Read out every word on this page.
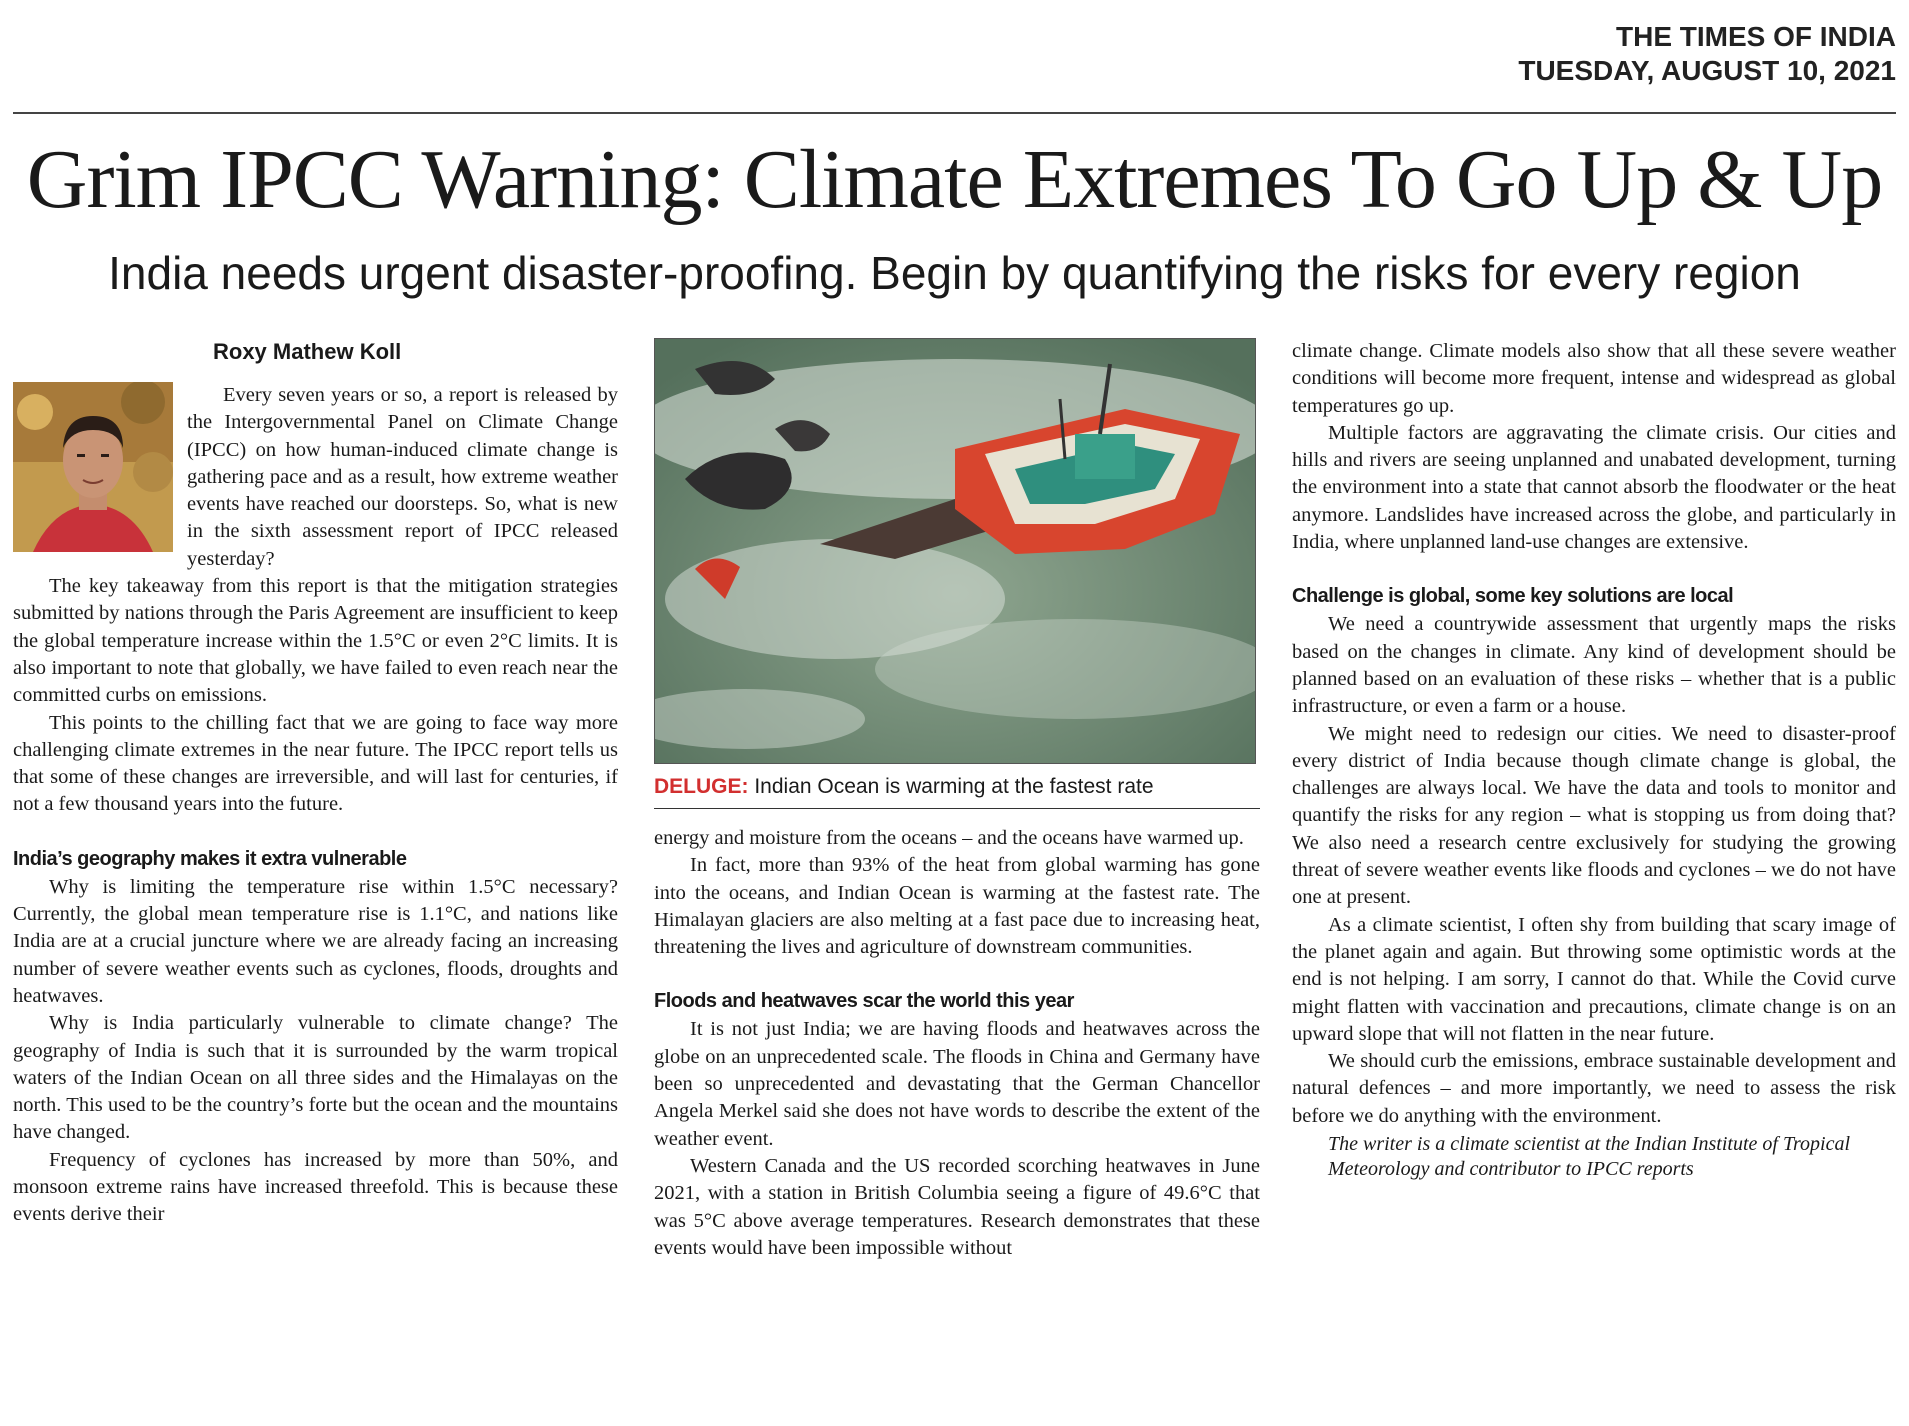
THE TIMES OF INDIA
TUESDAY, AUGUST 10, 2021
Grim IPCC Warning: Climate Extremes To Go Up & Up
India needs urgent disaster-proofing. Begin by quantifying the risks for every region
Roxy Mathew Koll

Every seven years or so, a report is released by the Intergovernmental Panel on Climate Change (IPCC) on how human-induced climate change is gathering pace and as a result, how extreme weather events have reached our doorsteps. So, what is new in the sixth assessment report of IPCC released yesterday?

The key takeaway from this report is that the mitigation strategies submitted by nations through the Paris Agreement are insufficient to keep the global temperature increase within the 1.5°C or even 2°C limits. It is also important to note that globally, we have failed to even reach near the committed curbs on emissions.

This points to the chilling fact that we are going to face way more challenging climate extremes in the near future. The IPCC report tells us that some of these changes are irreversible, and will last for centuries, if not a few thousand years into the future.

India’s geography makes it extra vulnerable

Why is limiting the temperature rise within 1.5°C necessary? Currently, the global mean temperature rise is 1.1°C, and nations like India are at a crucial juncture where we are already facing an increasing number of severe weather events such as cyclones, floods, droughts and heatwaves.

Why is India particularly vulnerable to climate change? The geography of India is such that it is surrounded by the warm tropical waters of the Indian Ocean on all three sides and the Himalayas on the north. This used to be the country’s forte but the ocean and the mountains have changed.

Frequency of cyclones has increased by more than 50%, and monsoon extreme rains have increased threefold. This is because these events derive their

DELUGE: Indian Ocean is warming at the fastest rate

energy and moisture from the oceans – and the oceans have warmed up.

In fact, more than 93% of the heat from global warming has gone into the oceans, and Indian Ocean is warming at the fastest rate. The Himalayan glaciers are also melting at a fast pace due to increasing heat, threatening the lives and agriculture of downstream communities.

Floods and heatwaves scar the world this year

It is not just India; we are having floods and heatwaves across the globe on an unprecedented scale. The floods in China and Germany have been so unprecedented and devastating that the German Chancellor Angela Merkel said she does not have words to describe the extent of the weather event.

Western Canada and the US recorded scorching heatwaves in June 2021, with a station in British Columbia seeing a figure of 49.6°C that was 5°C above average temperatures. Research demonstrates that these events would have been impossible without

climate change. Climate models also show that all these severe weather conditions will become more frequent, intense and widespread as global temperatures go up.

Multiple factors are aggravating the climate crisis. Our cities and hills and rivers are seeing unplanned and unabated development, turning the environment into a state that cannot absorb the floodwater or the heat anymore. Landslides have increased across the globe, and particularly in India, where unplanned land-use changes are extensive.

Challenge is global, some key solutions are local

We need a countrywide assessment that urgently maps the risks based on the changes in climate. Any kind of development should be planned based on an evaluation of these risks – whether that is a public infrastructure, or even a farm or a house.

We might need to redesign our cities. We need to disaster-proof every district of India because though climate change is global, the challenges are always local. We have the data and tools to monitor and quantify the risks for any region – what is stopping us from doing that? We also need a research centre exclusively for studying the growing threat of severe weather events like floods and cyclones – we do not have one at present.

As a climate scientist, I often shy from building that scary image of the planet again and again. But throwing some optimistic words at the end is not helping. I am sorry, I cannot do that. While the Covid curve might flatten with vaccination and precautions, climate change is on an upward slope that will not flatten in the near future.

We should curb the emissions, embrace sustainable development and natural defences – and more importantly, we need to assess the risk before we do anything with the environment.

The writer is a climate scientist at the Indian Institute of Tropical Meteorology and contributor to IPCC reports
